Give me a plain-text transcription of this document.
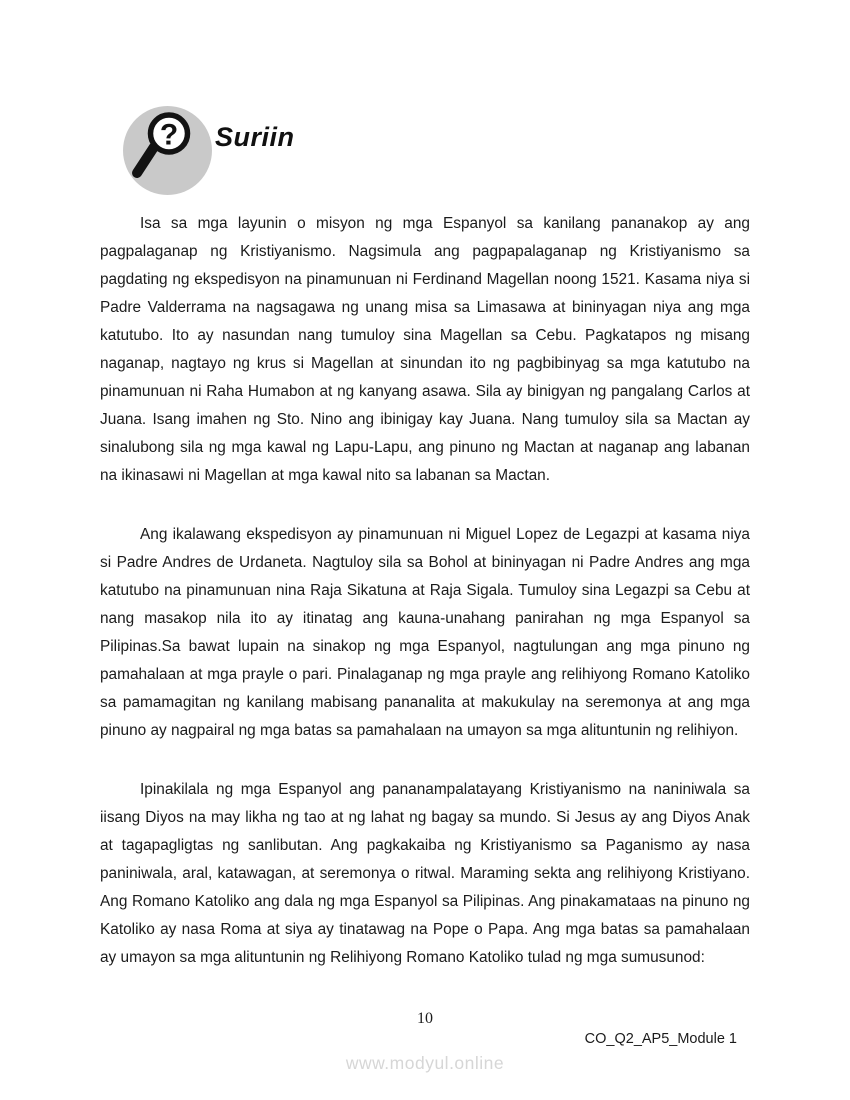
? Suriin

Isa sa mga layunin o misyon ng mga Espanyol sa kanilang pananakop ay ang pagpalaganap ng Kristiyanismo. Nagsimula ang pagpapalaganap ng Kristiyanismo sa pagdating ng ekspedisyon na pinamunuan ni Ferdinand Magellan noong 1521. Kasama niya si Padre Valderrama na nagsagawa ng unang misa sa Limasawa at bininyagan niya ang mga katutubo. Ito ay nasundan nang tumuloy sina Magellan sa Cebu. Pagkatapos ng misang naganap, nagtayo ng krus si Magellan at sinundan ito ng pagbibinyag sa mga katutubo na pinamunuan ni Raha Humabon at ng kanyang asawa. Sila ay binigyan ng pangalang Carlos at Juana. Isang imahen ng Sto. Nino ang ibinigay kay Juana. Nang tumuloy sila sa Mactan ay sinalubong sila ng mga kawal ng Lapu-Lapu, ang pinuno ng Mactan at naganap ang labanan na ikinasawi ni Magellan at mga kawal nito sa labanan sa Mactan.

Ang ikalawang ekspedisyon ay pinamunuan ni Miguel Lopez de Legazpi at kasama niya si Padre Andres de Urdaneta. Nagtuloy sila sa Bohol at bininyagan ni Padre Andres ang mga katutubo na pinamunuan nina Raja Sikatuna at Raja Sigala. Tumuloy sina Legazpi sa Cebu at nang masakop nila ito ay itinatag ang kauna-unahang panirahan ng mga Espanyol sa Pilipinas.Sa bawat lupain na sinakop ng mga Espanyol, nagtulungan ang mga pinuno ng pamahalaan at mga prayle o pari. Pinalaganap ng mga prayle ang relihiyong Romano Katoliko sa pamamagitan ng kanilang mabisang pananalita at makukulay na seremonya at ang mga pinuno ay nagpairal ng mga batas sa pamahalaan na umayon sa mga alituntunin ng relihiyon.

Ipinakilala ng mga Espanyol ang pananampalatayang Kristiyanismo na naniniwala sa iisang Diyos na may likha ng tao at ng lahat ng bagay sa mundo. Si Jesus ay ang Diyos Anak at tagapagligtas ng sanlibutan. Ang pagkakaiba ng Kristiyanismo sa Paganismo ay nasa paniniwala, aral, katawagan, at seremonya o ritwal. Maraming sekta ang relihiyong Kristiyano. Ang Romano Katoliko ang dala ng mga Espanyol sa Pilipinas. Ang pinakamataas na pinuno ng Katoliko ay nasa Roma at siya ay tinatawag na Pope o Papa. Ang mga batas sa pamahalaan ay umayon sa mga alituntunin ng Relihiyong Romano Katoliko tulad ng mga sumusunod:

10
CO_Q2_AP5_Module 1
www.modyul.online
